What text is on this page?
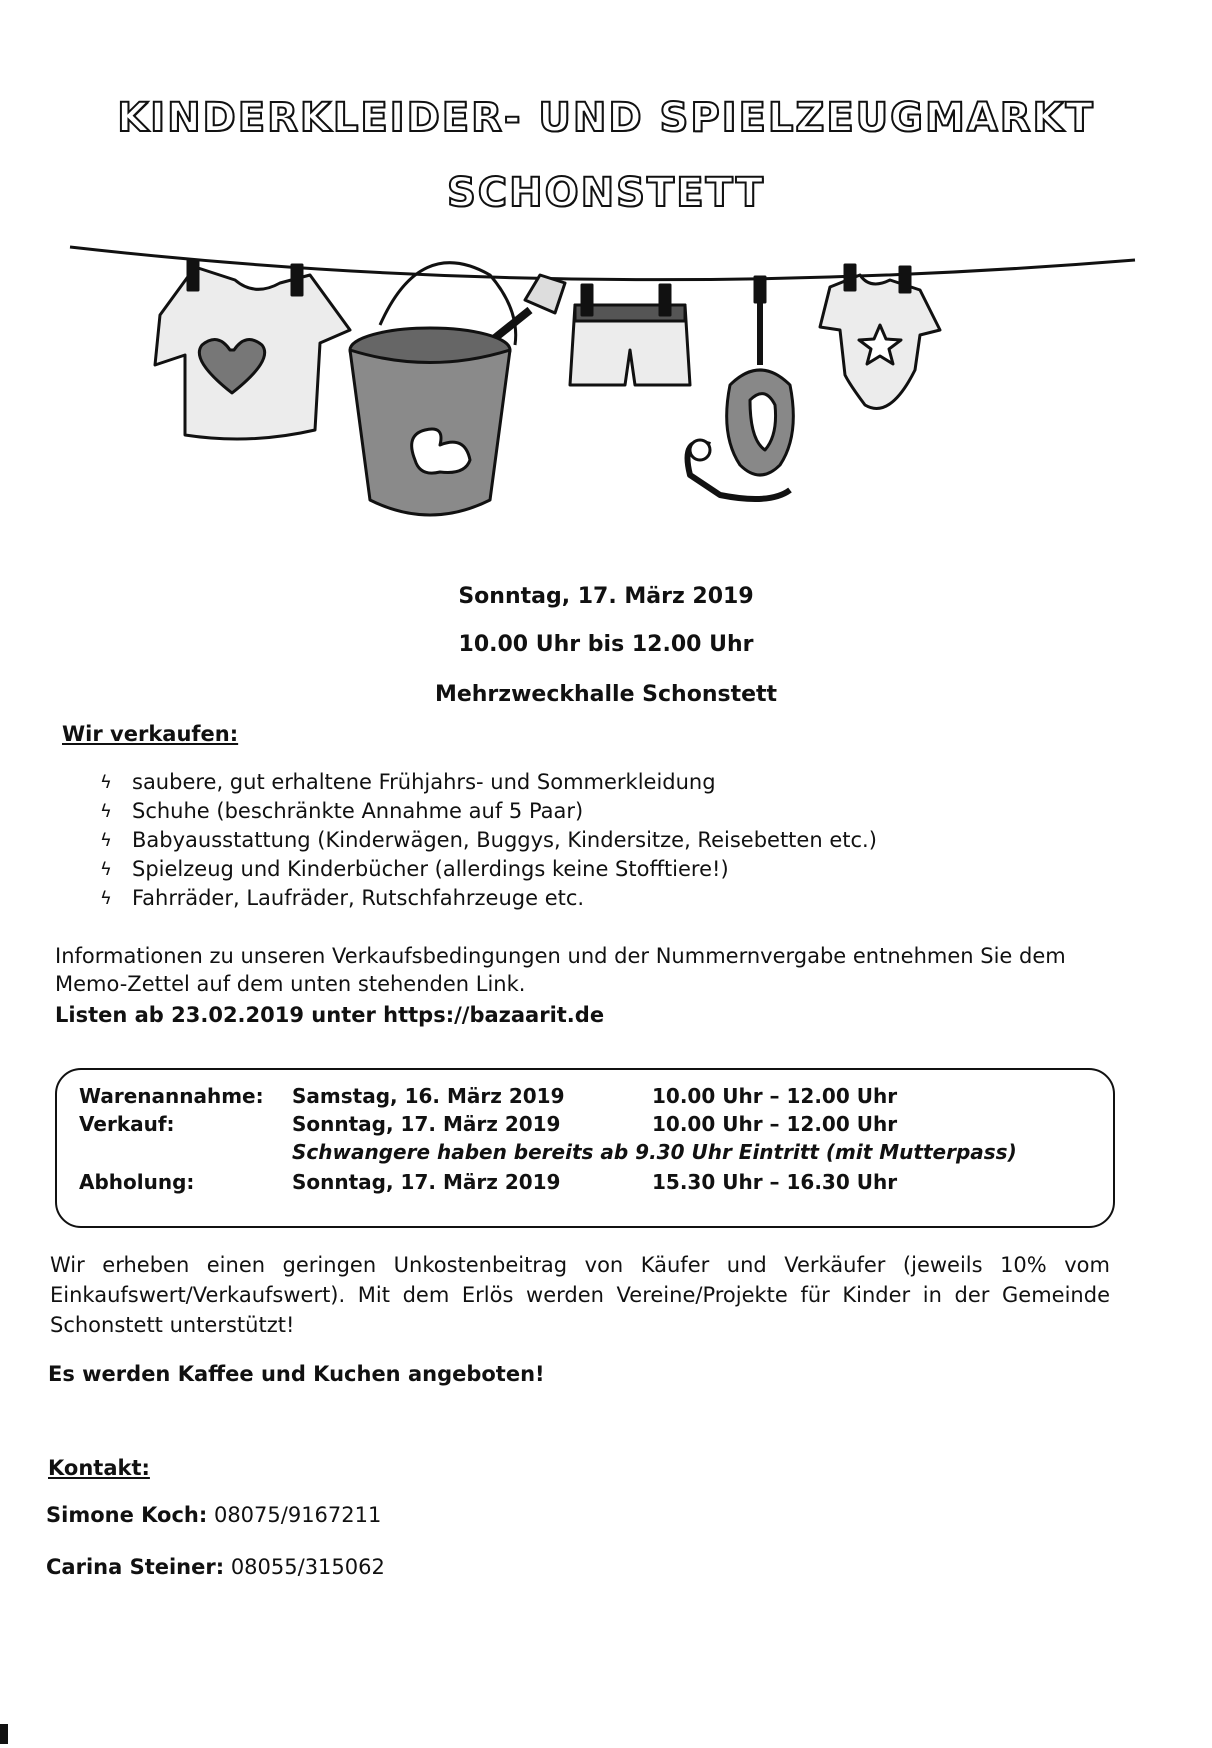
KINDERKLEIDER- UND SPIELZEUGMARKT
SCHONSTETT
Sonntag, 17. März 2019
10.00 Uhr bis 12.00 Uhr
Mehrzweckhalle Schonstett
Wir verkaufen:
ϟ saubere, gut erhaltene Frühjahrs- und Sommerkleidung
ϟ Schuhe (beschränkte Annahme auf 5 Paar)
ϟ Babyausstattung (Kinderwägen, Buggys, Kindersitze, Reisebetten etc.)
ϟ Spielzeug und Kinderbücher (allerdings keine Stofftiere!)
ϟ Fahrräder, Laufräder, Rutschfahrzeuge etc.
Informationen zu unseren Verkaufsbedingungen und der Nummernvergabe entnehmen Sie dem Memo-Zettel auf dem unten stehenden Link.
Listen ab 23.02.2019 unter https://bazaarit.de
Warenannahme: Samstag, 16. März 2019	10.00 Uhr – 12.00 Uhr
Verkauf:	Sonntag, 17. März 2019	10.00 Uhr – 12.00 Uhr
Schwangere haben bereits ab 9.30 Uhr Eintritt (mit Mutterpass)
Abholung:	Sonntag, 17. März 2019	15.30 Uhr – 16.30 Uhr
Wir erheben einen geringen Unkostenbeitrag von Käufer und Verkäufer (jeweils 10% vom Einkaufswert/Verkaufswert). Mit dem Erlös werden Vereine/Projekte für Kinder in der Gemeinde Schonstett unterstützt!
Es werden Kaffee und Kuchen angeboten!
Kontakt:
Simone Koch: 08075/9167211
Carina Steiner: 08055/315062
